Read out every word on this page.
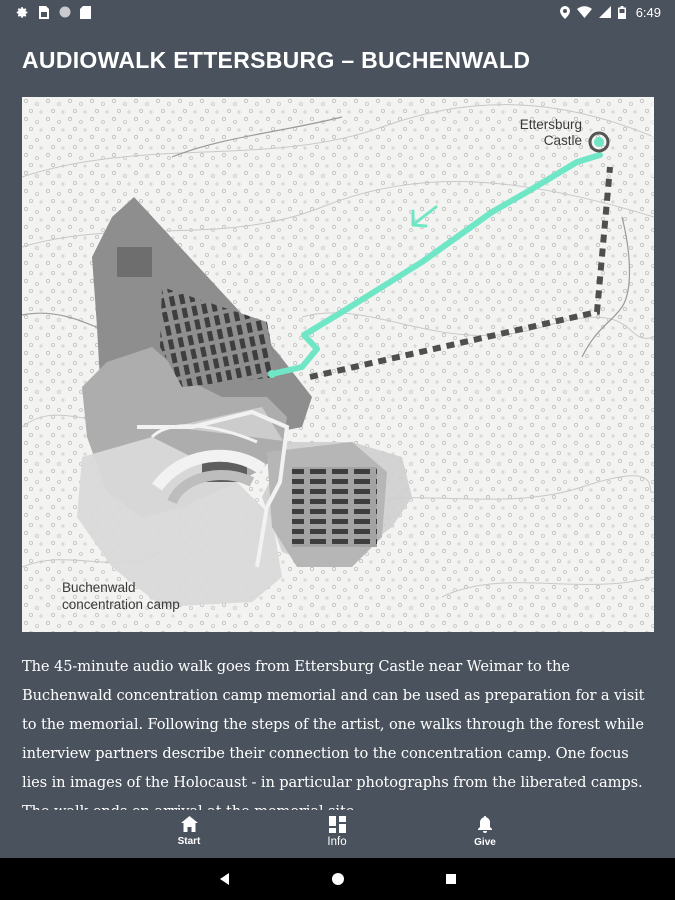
6:49
AUDIOWALK ETTERSBURG – BUCHENWALD
Ettersburg
Castle
Buchenwald
concentration camp
The 45-minute audio walk goes from Ettersburg Castle near Weimar to the Buchenwald concentration camp memorial and can be used as preparation for a visit to the memorial. Following the steps of the artist, one walks through the forest while interview partners describe their connection to the concentration camp. One focus lies in images of the Holocaust - in particular photographs from the liberated camps.
Start	Info	Give
